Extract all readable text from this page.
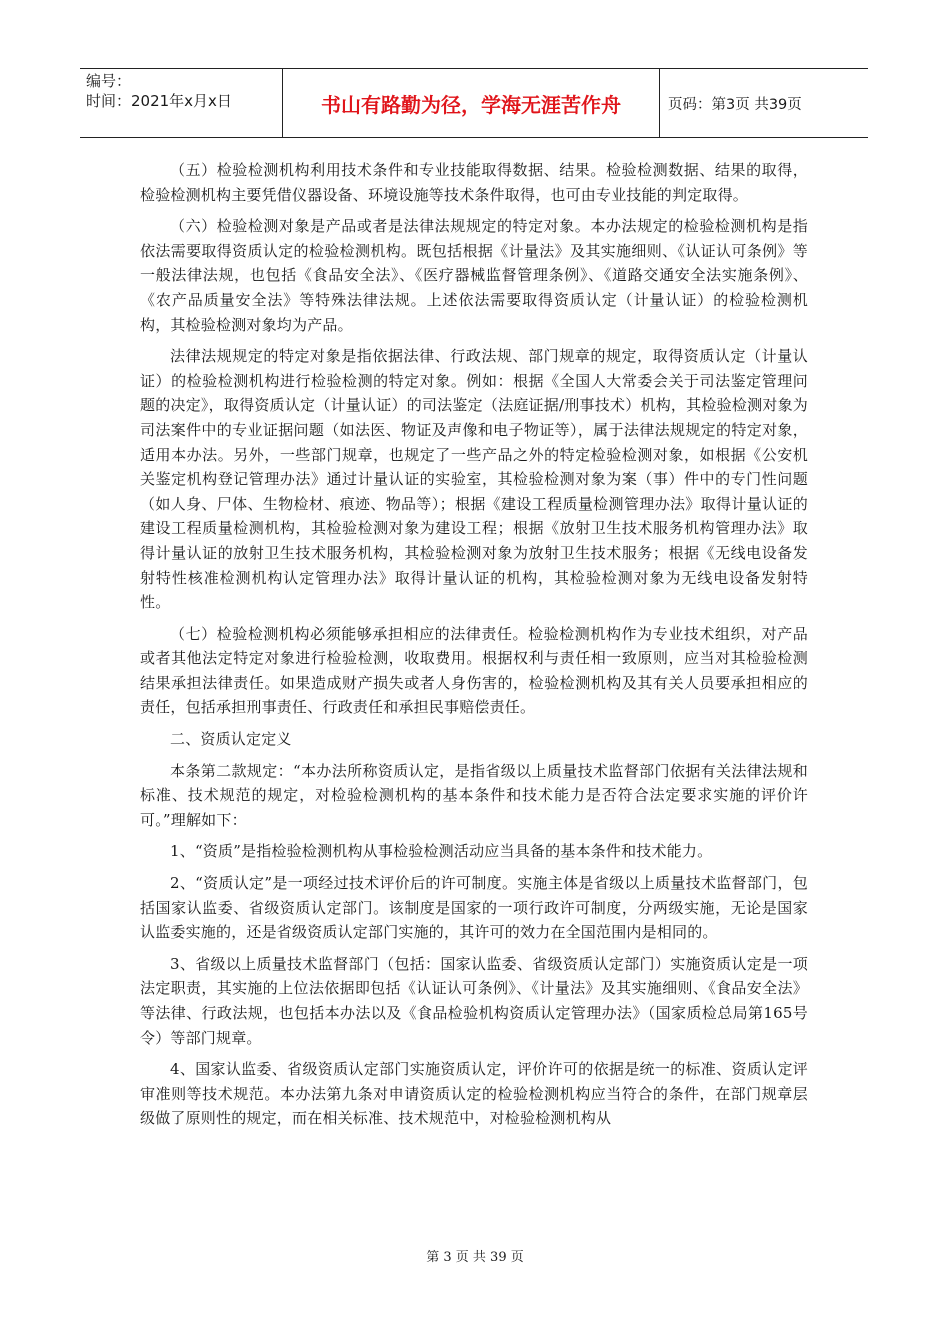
编号：
时间：2021年x月x日	书山有路勤为径，学海无涯苦作舟	页码：第3页 共39页

（五）检验检测机构利用技术条件和专业技能取得数据、结果。检验检测数据、结果的取得，检验检测机构主要凭借仪器设备、环境设施等技术条件取得，也可由专业技能的判定取得。

（六）检验检测对象是产品或者是法律法规规定的特定对象。本办法规定的检验检测机构是指依法需要取得资质认定的检验检测机构。既包括根据《计量法》及其实施细则、《认证认可条例》等一般法律法规，也包括《食品安全法》、《医疗器械监督管理条例》、《道路交通安全法实施条例》、《农产品质量安全法》等特殊法律法规。上述依法需要取得资质认定（计量认证）的检验检测机构，其检验检测对象均为产品。

法律法规规定的特定对象是指依据法律、行政法规、部门规章的规定，取得资质认定（计量认证）的检验检测机构进行检验检测的特定对象。例如：根据《全国人大常委会关于司法鉴定管理问题的决定》，取得资质认定（计量认证）的司法鉴定（法庭证据/刑事技术）机构，其检验检测对象为司法案件中的专业证据问题（如法医、物证及声像和电子物证等），属于法律法规规定的特定对象，适用本办法。另外，一些部门规章，也规定了一些产品之外的特定检验检测对象，如根据《公安机关鉴定机构登记管理办法》通过计量认证的实验室，其检验检测对象为案（事）件中的专门性问题（如人身、尸体、生物检材、痕迹、物品等）；根据《建设工程质量检测管理办法》取得计量认证的建设工程质量检测机构，其检验检测对象为建设工程；根据《放射卫生技术服务机构管理办法》取得计量认证的放射卫生技术服务机构，其检验检测对象为放射卫生技术服务；根据《无线电设备发射特性核准检测机构认定管理办法》取得计量认证的机构，其检验检测对象为无线电设备发射特性。

（七）检验检测机构必须能够承担相应的法律责任。检验检测机构作为专业技术组织，对产品或者其他法定特定对象进行检验检测，收取费用。根据权利与责任相一致原则，应当对其检验检测结果承担法律责任。如果造成财产损失或者人身伤害的，检验检测机构及其有关人员要承担相应的责任，包括承担刑事责任、行政责任和承担民事赔偿责任。

二、资质认定定义

本条第二款规定：“本办法所称资质认定，是指省级以上质量技术监督部门依据有关法律法规和标准、技术规范的规定，对检验检测机构的基本条件和技术能力是否符合法定要求实施的评价许可。”理解如下：

1、“资质”是指检验检测机构从事检验检测活动应当具备的基本条件和技术能力。

2、“资质认定”是一项经过技术评价后的许可制度。实施主体是省级以上质量技术监督部门，包括国家认监委、省级资质认定部门。该制度是国家的一项行政许可制度，分两级实施，无论是国家认监委实施的，还是省级资质认定部门实施的，其许可的效力在全国范围内是相同的。

3、省级以上质量技术监督部门（包括：国家认监委、省级资质认定部门）实施资质认定是一项法定职责，其实施的上位法依据即包括《认证认可条例》、《计量法》及其实施细则、《食品安全法》等法律、行政法规，也包括本办法以及《食品检验机构资质认定管理办法》（国家质检总局第165号令）等部门规章。

4、国家认监委、省级资质认定部门实施资质认定，评价许可的依据是统一的标准、资质认定评审准则等技术规范。本办法第九条对申请资质认定的检验检测机构应当符合的条件，在部门规章层级做了原则性的规定，而在相关标准、技术规范中，对检验检测机构从

第 3 页 共 39 页
